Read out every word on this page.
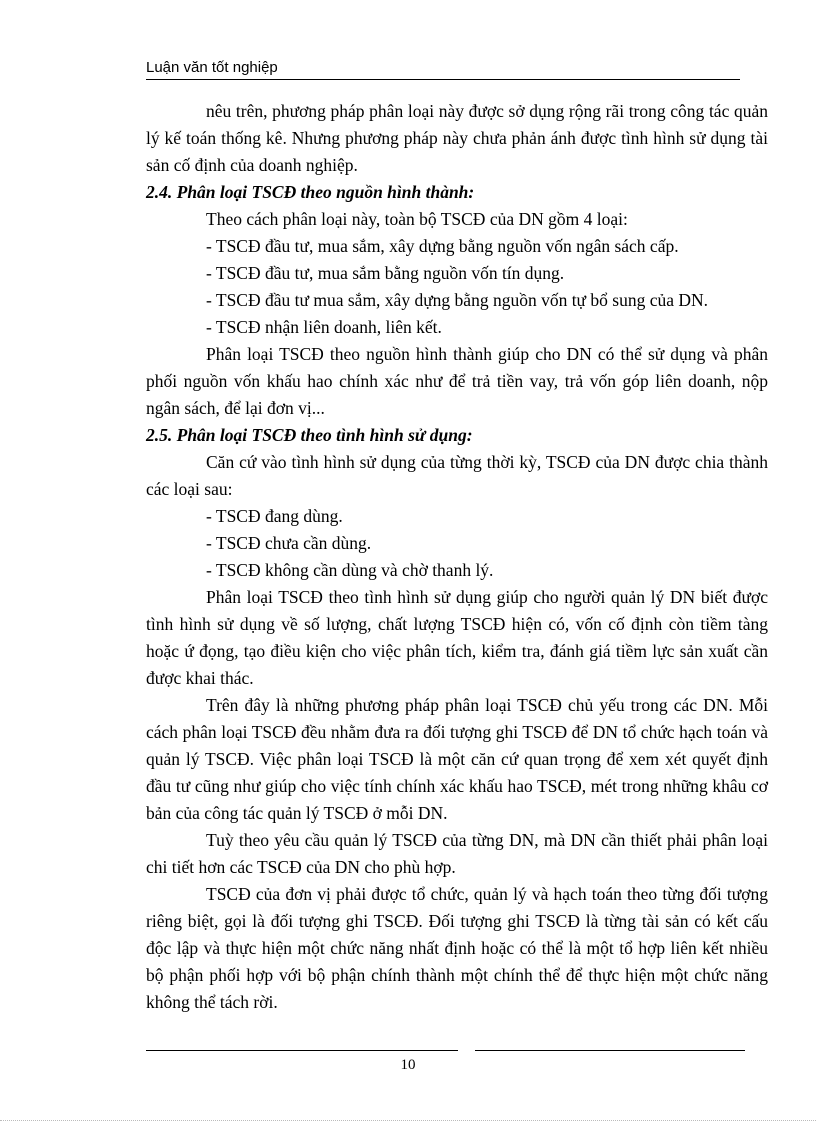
Luận văn tốt nghiệp

nêu trên, phương pháp phân loại này được sở dụng rộng rãi trong công tác quản lý kế toán thống kê. Nhưng phương pháp này chưa phản ánh được tình hình sử dụng tài sản cố định của doanh nghiệp.

2.4. Phân loại TSCĐ theo nguồn hình thành:

Theo cách phân loại này, toàn bộ TSCĐ của DN gồm 4 loại:

- TSCĐ đầu tư, mua sắm, xây dựng bằng nguồn vốn ngân sách cấp.

- TSCĐ đầu tư, mua sắm bằng nguồn vốn tín dụng.

- TSCĐ đầu tư mua sắm, xây dựng bằng nguồn vốn tự bổ sung của DN.

- TSCĐ nhận liên doanh, liên kết.

Phân loại TSCĐ theo nguồn hình thành giúp cho DN có thể sử dụng và phân phối nguồn vốn khấu hao chính xác như để trả tiền vay, trả vốn góp liên doanh, nộp ngân sách, để lại đơn vị...

2.5. Phân loại TSCĐ theo tình hình sử dụng:

Căn cứ vào tình hình sử dụng của từng thời kỳ, TSCĐ của DN được chia thành các loại sau:

- TSCĐ đang dùng.

- TSCĐ chưa cần dùng.

- TSCĐ không cần dùng và chờ thanh lý.

Phân loại TSCĐ theo tình hình sử dụng giúp cho người quản lý DN biết được tình hình sử dụng về số lượng, chất lượng TSCĐ hiện có, vốn cố định còn tiềm tàng hoặc ứ đọng, tạo điều kiện cho việc phân tích, kiểm tra, đánh giá tiềm lực sản xuất cần được khai thác.

Trên đây là những phương pháp phân loại TSCĐ chủ yếu trong các DN. Mỗi cách phân loại TSCĐ đều nhằm đưa ra đối tượng ghi TSCĐ để DN tổ chức hạch toán và quản lý TSCĐ. Việc phân loại TSCĐ là một căn cứ quan trọng để xem xét quyết định đầu tư cũng như giúp cho việc tính chính xác khấu hao TSCĐ, mét trong những khâu cơ bản của công tác quản lý TSCĐ ở mỗi DN.

Tuỳ theo yêu cầu quản lý TSCĐ của từng DN, mà DN cần thiết phải phân loại chi tiết hơn các TSCĐ của DN cho phù hợp.

TSCĐ của đơn vị phải được tổ chức, quản lý và hạch toán theo từng đối tượng riêng biệt, gọi là đối tượng ghi TSCĐ. Đối tượng ghi TSCĐ là từng tài sản có kết cấu độc lập và thực hiện một chức năng nhất định hoặc có thể là một tổ hợp liên kết nhiều bộ phận phối hợp với bộ phận chính thành một chính thể để thực hiện một chức năng không thể tách rời.

10
